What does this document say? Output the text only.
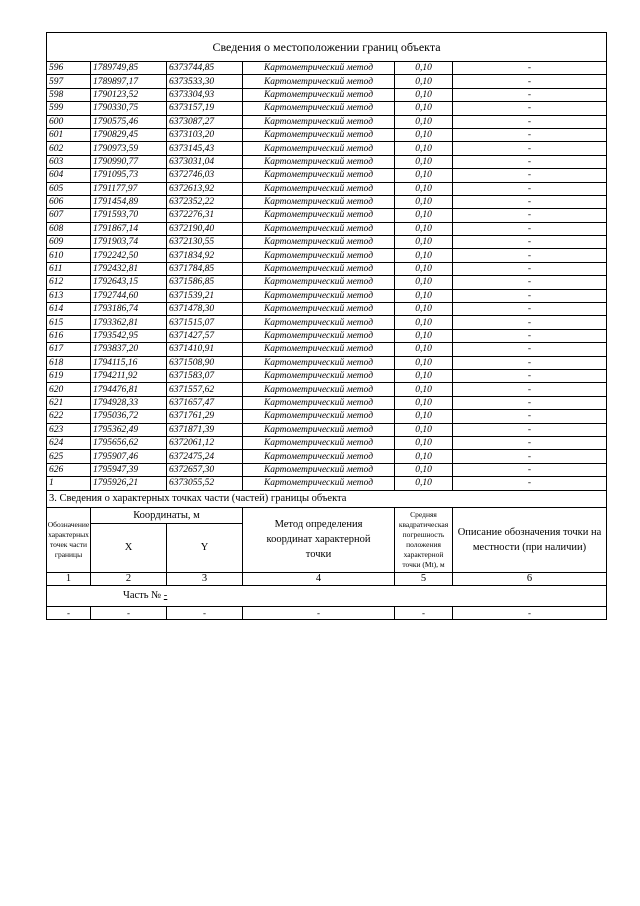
Сведения о местоположении границ объекта					
596	1789749,85	6373744,85	Картометрический метод	0,10	-
597	1789897,17	6373533,30	Картометрический метод	0,10	-
598	1790123,52	6373304,93	Картометрический метод	0,10	-
599	1790330,75	6373157,19	Картометрический метод	0,10	-
600	1790575,46	6373087,27	Картометрический метод	0,10	-
601	1790829,45	6373103,20	Картометрический метод	0,10	-
602	1790973,59	6373145,43	Картометрический метод	0,10	-
603	1790990,77	6373031,04	Картометрический метод	0,10	-
604	1791095,73	6372746,03	Картометрический метод	0,10	-
605	1791177,97	6372613,92	Картометрический метод	0,10	-
606	1791454,89	6372352,22	Картометрический метод	0,10	-
607	1791593,70	6372276,31	Картометрический метод	0,10	-
608	1791867,14	6372190,40	Картометрический метод	0,10	-
609	1791903,74	6372130,55	Картометрический метод	0,10	-
610	1792242,50	6371834,92	Картометрический метод	0,10	-
611	1792432,81	6371784,85	Картометрический метод	0,10	-
612	1792643,15	6371586,85	Картометрический метод	0,10	-
613	1792744,60	6371539,21	Картометрический метод	0,10	-
614	1793186,74	6371478,30	Картометрический метод	0,10	-
615	1793362,81	6371515,07	Картометрический метод	0,10	-
616	1793542,95	6371427,57	Картометрический метод	0,10	-
617	1793837,20	6371410,91	Картометрический метод	0,10	-
618	1794115,16	6371508,90	Картометрический метод	0,10	-
619	1794211,92	6371583,07	Картометрический метод	0,10	-
620	1794476,81	6371557,62	Картометрический метод	0,10	-
621	1794928,33	6371657,47	Картометрический метод	0,10	-
622	1795036,72	6371761,29	Картометрический метод	0,10	-
623	1795362,49	6371871,39	Картометрический метод	0,10	-
624	1795656,62	6372061,12	Картометрический метод	0,10	-
625	1795907,46	6372475,24	Картометрический метод	0,10	-
626	1795947,39	6372657,30	Картометрический метод	0,10	-
1	1795926,21	6373055,52	Картометрический метод	0,10	-
3. Сведения о характерных точках части (частей) границы объекта					
Обозначение характерных точек части границы	Координаты, м		Метод определения координат характерной точки	Средняя квадратическая погрешность положения характерной точки (Mt), м	Описание обозначения точки на местности (при наличии)
	X	Y			
1	2	3	4	5	6
Часть № -					
-	-	-	-	-	-
